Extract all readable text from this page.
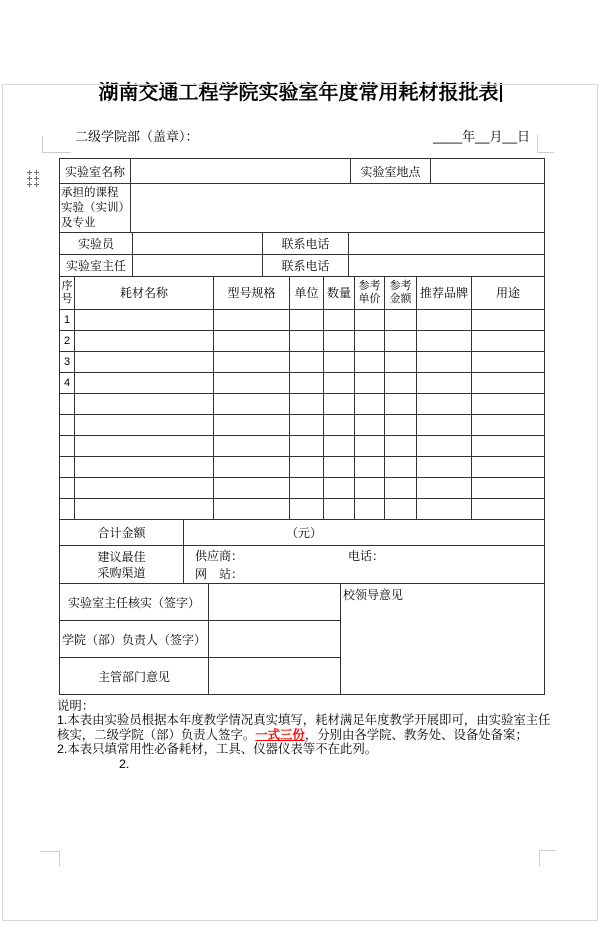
湖南交通工程学院实验室年度常用耗材报批表
二级学院部（盖章）：	____年__月__日
实验室名称		实验室地点	

承担的课程
实验（实训）
及专业			

实验员		联系电话	
实验室主任		联系电话	
序号	耗材名称	型号规格	单位	数量	参考单价	参考金额	推荐品牌	用途
1								
2								
3								
4								

合计金额	（元）
建议最佳
采购渠道

供应商：	电话：
网　站：
实验室主任核实（签字）		校领导意见
学院（部）负责人（签字）		
主管部门意见		
说明：
1.本表由实验员根据本年度教学情况真实填写，耗材满足年度教学开展即可，由实验室主任
核实，二级学院（部）负责人签字。一式三份，分别由各学院、教务处、设备处备案；
2.本表只填常用性必备耗材，工具、仪器仪表等不在此列。
2.
